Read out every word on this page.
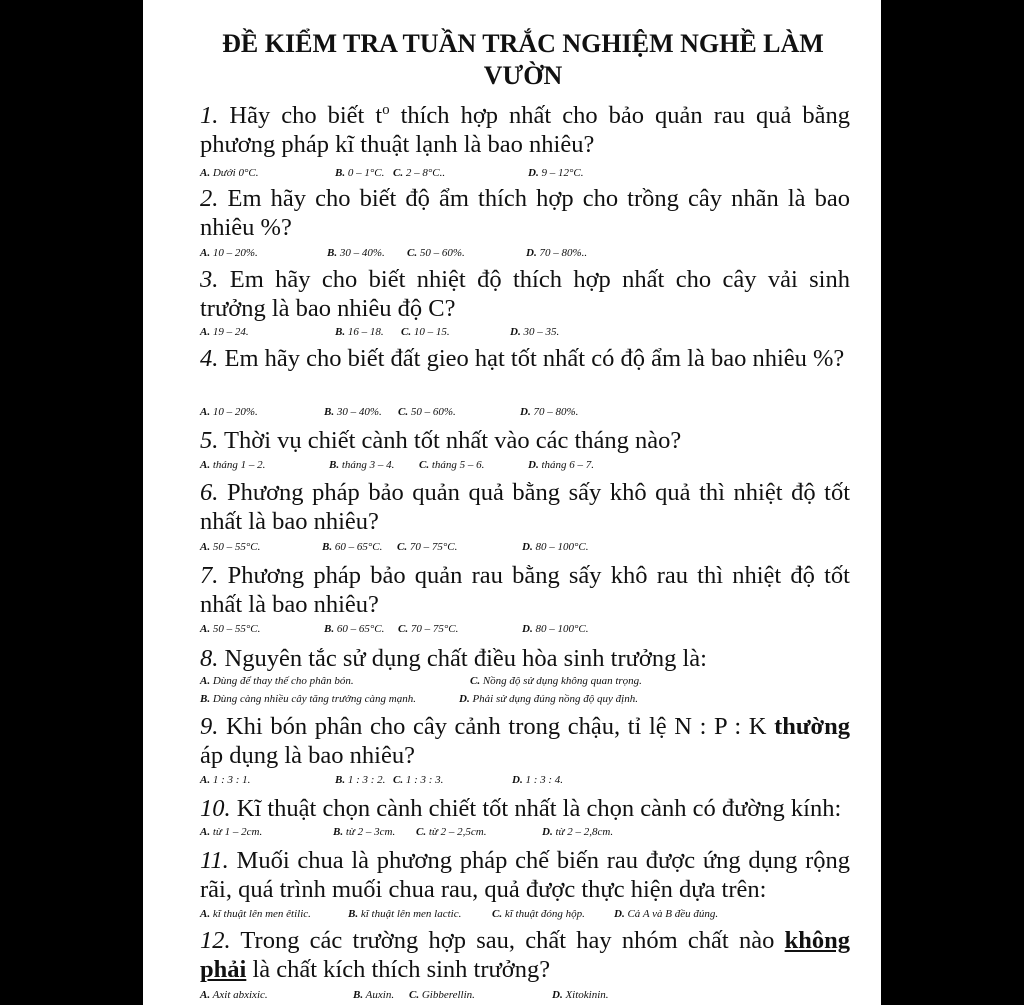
ĐỀ KIỂM TRA TUẦN TRẮC NGHIỆM NGHỀ LÀM VƯỜN
1. Hãy cho biết $t^o$ thích hợp nhất cho bảo quản rau quả bằng phương pháp kĩ thuật lạnh là bao nhiêu?
A. Dưới 0°C.	B. 0 – 1°C. C. 2 – 8°C..	D. 9 – 12°C.
2. Em hãy cho biết độ ẩm thích hợp cho trồng cây nhãn là bao nhiêu %?
A. 10 – 20%.	B. 30 – 40%. C. 50 – 60%.	D. 70 – 80%..
3. Em hãy cho biết nhiệt độ thích hợp nhất cho cây vải sinh trưởng là bao nhiêu độ C?
A. 19 – 24.	B. 16 – 18. C. 10 – 15.	D. 30 – 35.
4. Em hãy cho biết đất gieo hạt tốt nhất có độ ẩm là bao nhiêu %?
A. 10 – 20%.	B. 30 – 40%. C. 50 – 60%.	D. 70 – 80%.
5. Thời vụ chiết cành tốt nhất vào các tháng nào?
A. tháng 1 – 2.	B. tháng 3 – 4. C. tháng 5 – 6.	D. tháng 6 – 7.
6. Phương pháp bảo quản quả bằng sấy khô quả thì nhiệt độ tốt nhất là bao nhiêu?
A. 50 – 55°C.	B. 60 – 65°C. C. 70 – 75°C.	D. 80 – 100°C.
7. Phương pháp bảo quản rau bằng sấy khô rau thì nhiệt độ tốt nhất là bao nhiêu?
A. 50 – 55°C.	B. 60 – 65°C. C. 70 – 75°C.	D. 80 – 100°C.
8. Nguyên tắc sử dụng chất điều hòa sinh trưởng là:
A. Dùng để thay thế cho phân bón.	C. Nồng độ sử dụng không quan trọng.
B. Dùng càng nhiều cây tăng trưởng càng mạnh.	D. Phải sử dụng đúng nồng độ quy định.
9. Khi bón phân cho cây cảnh trong chậu, tỉ lệ N : P : K thường áp dụng là bao nhiêu?
A. 1 : 3 : 1.	B. 1 : 3 : 2. C. 1 : 3 : 3.	D. 1 : 3 : 4.
10. Kĩ thuật chọn cành chiết tốt nhất là chọn cành có đường kính:
A. từ 1 – 2cm.	B. từ 2 – 3cm. C. từ 2 – 2,5cm.	D. từ 2 – 2,8cm.
11. Muối chua là phương pháp chế biến rau được ứng dụng rộng rãi, quá trình muối chua rau, quả được thực hiện dựa trên:
A. kĩ thuật lên men êtilic.	B. kĩ thuật lên men lactic.	C. kĩ thuật đóng hộp.	D. Cả A và B đều đúng.
12. Trong các trường hợp sau, chất hay nhóm chất nào không phải là chất kích thích sinh trưởng?
A. Axit abxixic.	B. Auxin. C. Gibberellin.	D. Xitokinin.
